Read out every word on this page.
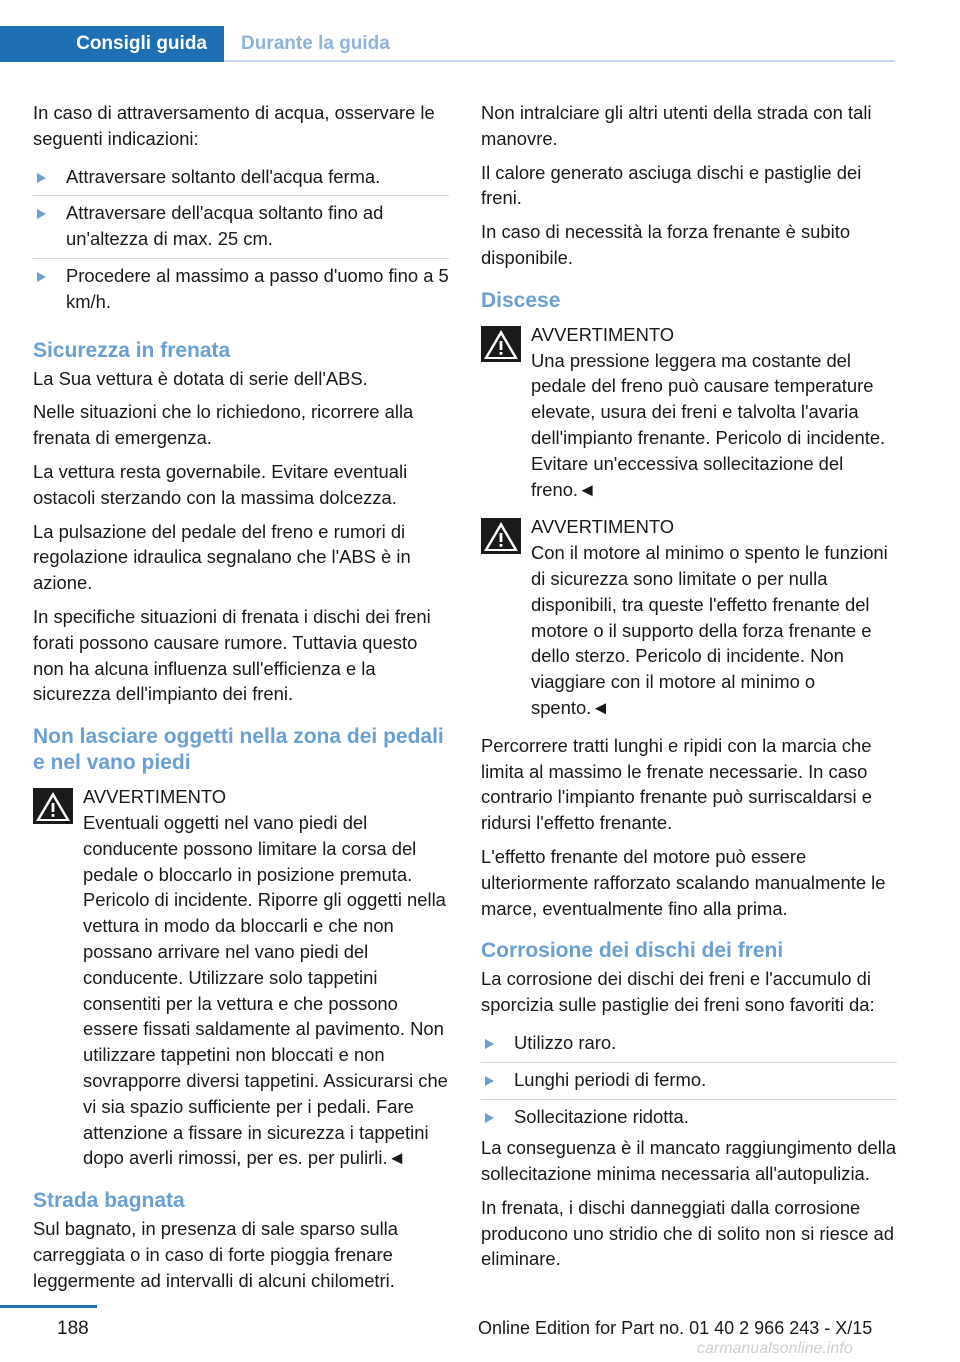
Consigli guida	Durante la guida

In caso di attraversamento di acqua, osservare le seguenti indicazioni:

Attraversare soltanto dell'acqua ferma.
Attraversare dell'acqua soltanto fino ad un'altezza di max. 25 cm.
Procedere al massimo a passo d'uomo fino a 5 km/h.
Sicurezza in frenata

La Sua vettura è dotata di serie dell'ABS.

Nelle situazioni che lo richiedono, ricorrere alla frenata di emergenza.

La vettura resta governabile. Evitare eventuali ostacoli sterzando con la massima dolcezza.

La pulsazione del pedale del freno e rumori di regolazione idraulica segnalano che l'ABS è in azione.

In specifiche situazioni di frenata i dischi dei freni forati possono causare rumore. Tuttavia questo non ha alcuna influenza sull'efficienza e la sicurezza dell'impianto dei freni.

Non lasciare oggetti nella zona dei pedali e nel vano piedi
AVVERTIMENTO
Eventuali oggetti nel vano piedi del conducente possono limitare la corsa del pedale o bloccarlo in posizione premuta. Pericolo di incidente. Riporre gli oggetti nella vettura in modo da bloccarli e che non possano arrivare nel vano piedi del conducente. Utilizzare solo tappetini consentiti per la vettura e che possono essere fissati saldamente al pavimento. Non utilizzare tappetini non bloccati e non sovrapporre diversi tappetini. Assicurarsi che vi sia spazio sufficiente per i pedali. Fare attenzione a fissare in sicurezza i tappetini dopo averli rimossi, per es. per pulirli.◄
Strada bagnata

Sul bagnato, in presenza di sale sparso sulla carreggiata o in caso di forte pioggia frenare leggermente ad intervalli di alcuni chilometri.

Non intralciare gli altri utenti della strada con tali manovre.

Il calore generato asciuga dischi e pastiglie dei freni.

In caso di necessità la forza frenante è subito disponibile.

Discese
AVVERTIMENTO
Una pressione leggera ma costante del pedale del freno può causare temperature elevate, usura dei freni e talvolta l'avaria dell'impianto frenante. Pericolo di incidente. Evitare un'eccessiva sollecitazione del freno.◄
AVVERTIMENTO
Con il motore al minimo o spento le funzioni di sicurezza sono limitate o per nulla disponibili, tra queste l'effetto frenante del motore o il supporto della forza frenante e dello sterzo. Pericolo di incidente. Non viaggiare con il motore al minimo o spento.◄

Percorrere tratti lunghi e ripidi con la marcia che limita al massimo le frenate necessarie. In caso contrario l'impianto frenante può surriscaldarsi e ridursi l'effetto frenante.

L'effetto frenante del motore può essere ulteriormente rafforzato scalando manualmente le marce, eventualmente fino alla prima.

Corrosione dei dischi dei freni

La corrosione dei dischi dei freni e l'accumulo di sporcizia sulle pastiglie dei freni sono favoriti da:

Utilizzo raro.
Lunghi periodi di fermo.
Sollecitazione ridotta.

La conseguenza è il mancato raggiungimento della sollecitazione minima necessaria all'autopulizia.

In frenata, i dischi danneggiati dalla corrosione producono uno stridio che di solito non si riesce ad eliminare.

188	Online Edition for Part no. 01 40 2 966 243 - X/15
carmanualsonline.info
